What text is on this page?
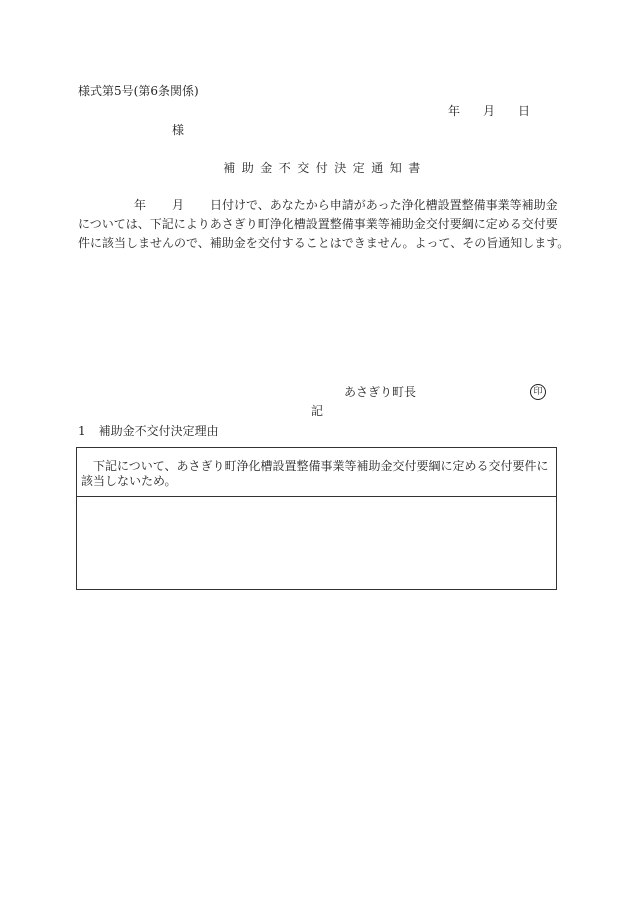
様式第5号(第6条関係)
年 月 日
様
補助金不交付決定通知書
年 月 日付けで、あなたから申請があった浄化槽設置整備事業等補助金
については、下記によりあさぎり町浄化槽設置整備事業等補助金交付要綱に定める交付要
件に該当しませんので、補助金を交付することはできません。よって、その旨通知します。
あさぎり町長	印
記
1 補助金不交付決定理由
下記について、あさぎり町浄化槽設置整備事業等補助金交付要綱に定める交付要件に該当しないため。
